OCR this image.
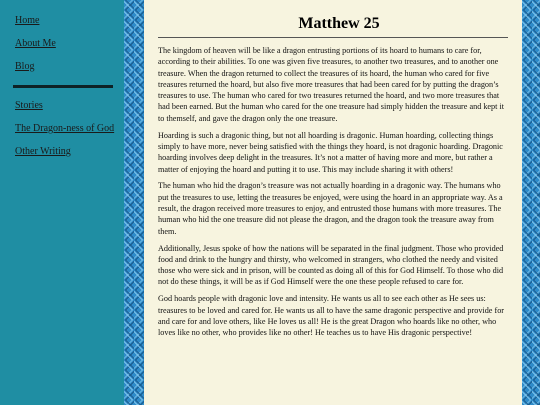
Home
About Me
Blog
Stories
The Dragon-ness of God
Other Writing
Matthew 25

The kingdom of heaven will be like a dragon entrusting portions of its hoard to humans to care for, according to their abilities. To one was given five treasures, to another two treasures, and to another one treasure. When the dragon returned to collect the treasures of its hoard, the human who cared for five treasures returned the hoard, but also five more treasures that had been cared for by putting the dragon’s treasures to use. The human who cared for two treasures returned the hoard, and two more treasures that had been earned. But the human who cared for the one treasure had simply hidden the treasure and kept it to themself, and gave the dragon only the one treasure.

Hoarding is such a dragonic thing, but not all hoarding is dragonic. Human hoarding, collecting things simply to have more, never being satisfied with the things they hoard, is not dragonic hoarding. Dragonic hoarding involves deep delight in the treasures. It’s not a matter of having more and more, but rather a matter of enjoying the hoard and putting it to use. This may include sharing it with others!

The human who hid the dragon’s treasure was not actually hoarding in a dragonic way. The humans who put the treasures to use, letting the treasures be enjoyed, were using the hoard in an appropriate way. As a result, the dragon received more treasures to enjoy, and entrusted those humans with more treasures. The human who hid the one treasure did not please the dragon, and the dragon took the treasure away from them.

Additionally, Jesus spoke of how the nations will be separated in the final judgment. Those who provided food and drink to the hungry and thirsty, who welcomed in strangers, who clothed the needy and visited those who were sick and in prison, will be counted as doing all of this for God Himself. To those who did not do these things, it will be as if God Himself were the one these people refused to care for.

God hoards people with dragonic love and intensity. He wants us all to see each other as He sees us: treasures to be loved and cared for. He wants us all to have the same dragonic perspective and provide for and care for and love others, like He loves us all! He is the great Dragon who hoards like no other, who loves like no other, who provides like no other! He teaches us to have His dragonic perspective!
